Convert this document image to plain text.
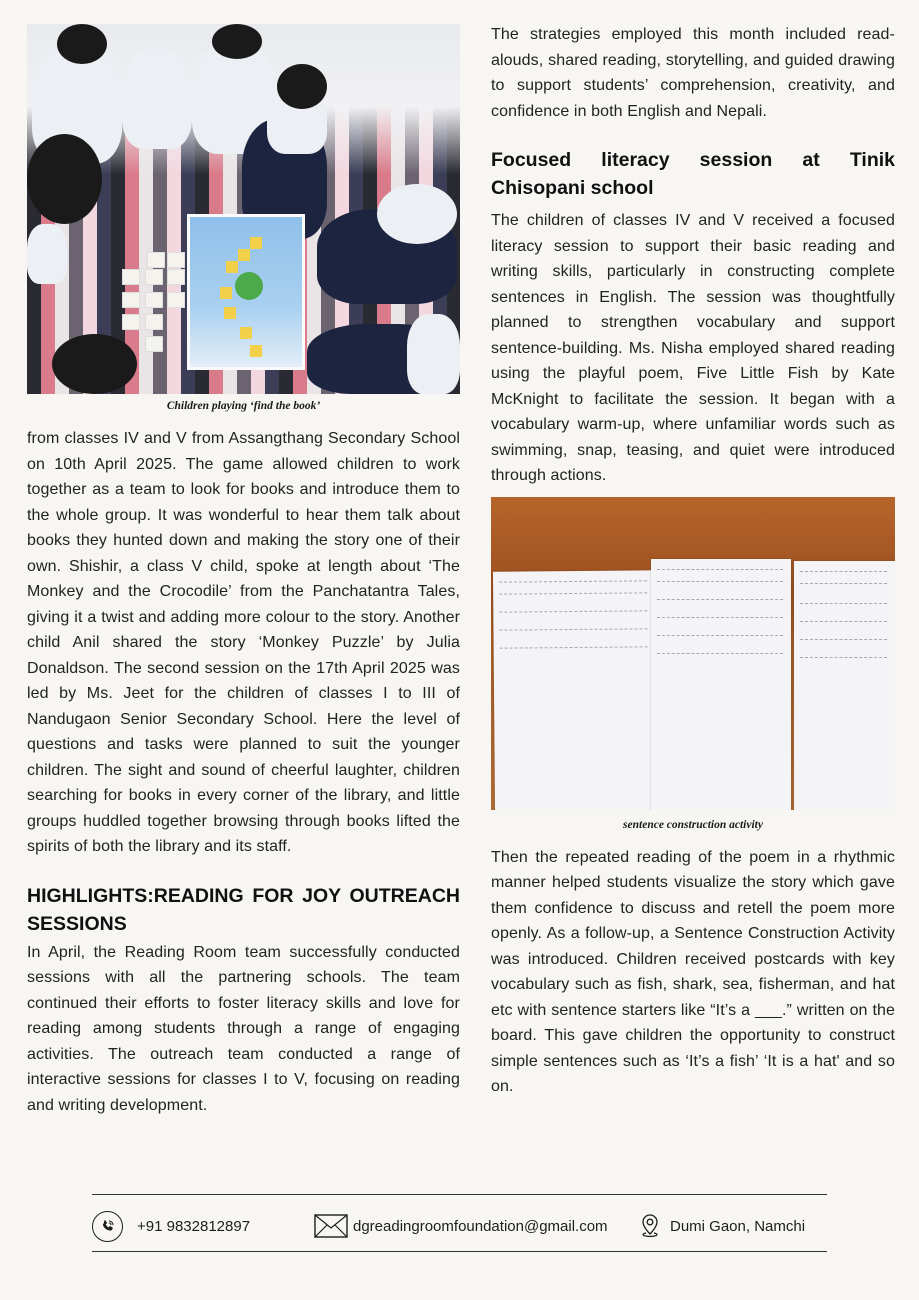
Children playing ‘find the book’

from classes IV and V from Assangthang Secondary School on 10th April 2025. The game allowed children to work together as a team to look for books and introduce them to the whole group. It was wonderful to hear them talk about books they hunted down and making the story one of their own. Shishir, a class V child, spoke at length about ‘The Monkey and the Crocodile’ from the Panchatantra Tales, giving it a twist and adding more colour to the story. Another child Anil shared the story ‘Monkey Puzzle’ by Julia Donaldson. The second session on the 17th April 2025 was led by Ms. Jeet for the children of classes I to III of Nandugaon Senior Secondary School. Here the level of questions and tasks were planned to suit the younger children. The sight and sound of cheerful laughter, children searching for books in every corner of the library, and little groups huddled together browsing through books lifted the spirits of both the library and its staff.

HIGHLIGHTS:READING FOR JOY OUTREACH SESSIONS

In April, the Reading Room team successfully conducted sessions with all the partnering schools. The team continued their efforts to foster literacy skills and love for reading among students through a range of engaging activities. The outreach team conducted a range of interactive sessions for classes I to V, focusing on reading and writing development.

The strategies employed this month included read-alouds, shared reading, storytelling, and guided drawing to support students’ comprehension, creativity, and confidence in both English and Nepali.

Focused literacy session at Tinik Chisopani school

The children of classes IV and V received a focused literacy session to support their basic reading and writing skills, particularly in constructing complete sentences in English. The session was thoughtfully planned to strengthen vocabulary and support sentence-building. Ms. Nisha employed shared reading using the playful poem, Five Little Fish by Kate McKnight to facilitate the session. It began with a vocabulary warm-up, where unfamiliar words such as swimming, snap, teasing, and quiet were introduced through actions.

sentence construction activity

Then the repeated reading of the poem in a rhythmic manner helped students visualize the story which gave them confidence to discuss and retell the poem more openly. As a follow-up, a Sentence Construction Activity was introduced. Children received postcards with key vocabulary such as fish, shark, sea, fisherman, and hat etc with sentence starters like “It’s a ___.” written on the board. This gave children the opportunity to construct simple sentences such as ‘It’s a fish’ ‘It is a hat' and so on.

+91 9832812897	dgreadingroomfoundation@gmail.com	Dumi Gaon, Namchi
